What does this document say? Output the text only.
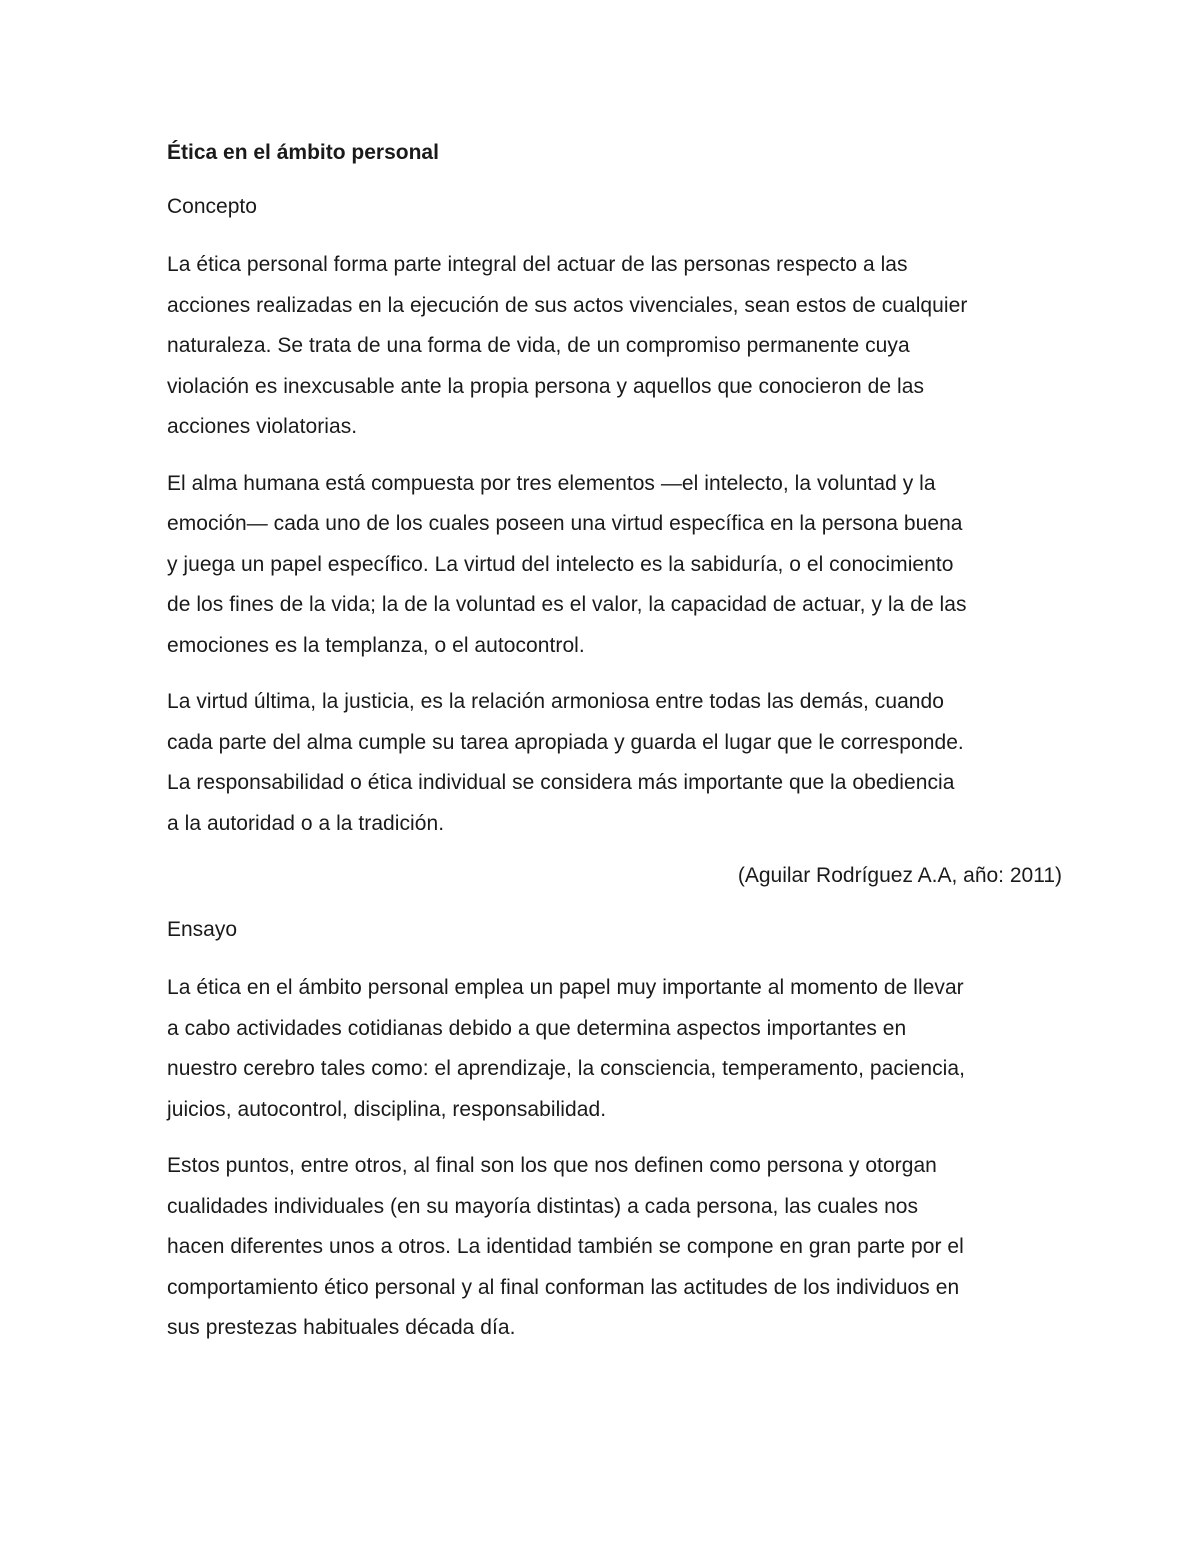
Ética en el ámbito personal
Concepto
La ética personal forma parte integral del actuar de las personas respecto a las
acciones realizadas en la ejecución de sus actos vivenciales, sean estos de cualquier
naturaleza. Se trata de una forma de vida, de un compromiso permanente cuya
violación es inexcusable ante la propia persona y aquellos que conocieron de las
acciones violatorias.
El alma humana está compuesta por tres elementos —el intelecto, la voluntad y la
emoción— cada uno de los cuales poseen una virtud específica en la persona buena
y juega un papel específico. La virtud del intelecto es la sabiduría, o el conocimiento
de los fines de la vida; la de la voluntad es el valor, la capacidad de actuar, y la de las
emociones es la templanza, o el autocontrol.
La virtud última, la justicia, es la relación armoniosa entre todas las demás, cuando
cada parte del alma cumple su tarea apropiada y guarda el lugar que le corresponde.
La responsabilidad o ética individual se considera más importante que la obediencia
a la autoridad o a la tradición.
(Aguilar Rodríguez A.A, año: 2011)
Ensayo
La ética en el ámbito personal emplea un papel muy importante al momento de llevar
a cabo actividades cotidianas debido a que determina aspectos importantes en
nuestro cerebro tales como: el aprendizaje, la consciencia, temperamento, paciencia,
juicios, autocontrol, disciplina, responsabilidad.
Estos puntos, entre otros, al final son los que nos definen como persona y otorgan
cualidades individuales (en su mayoría distintas) a cada persona, las cuales nos
hacen diferentes unos a otros. La identidad también se compone en gran parte por el
comportamiento ético personal y al final conforman las actitudes de los individuos en
sus prestezas habituales década día.
